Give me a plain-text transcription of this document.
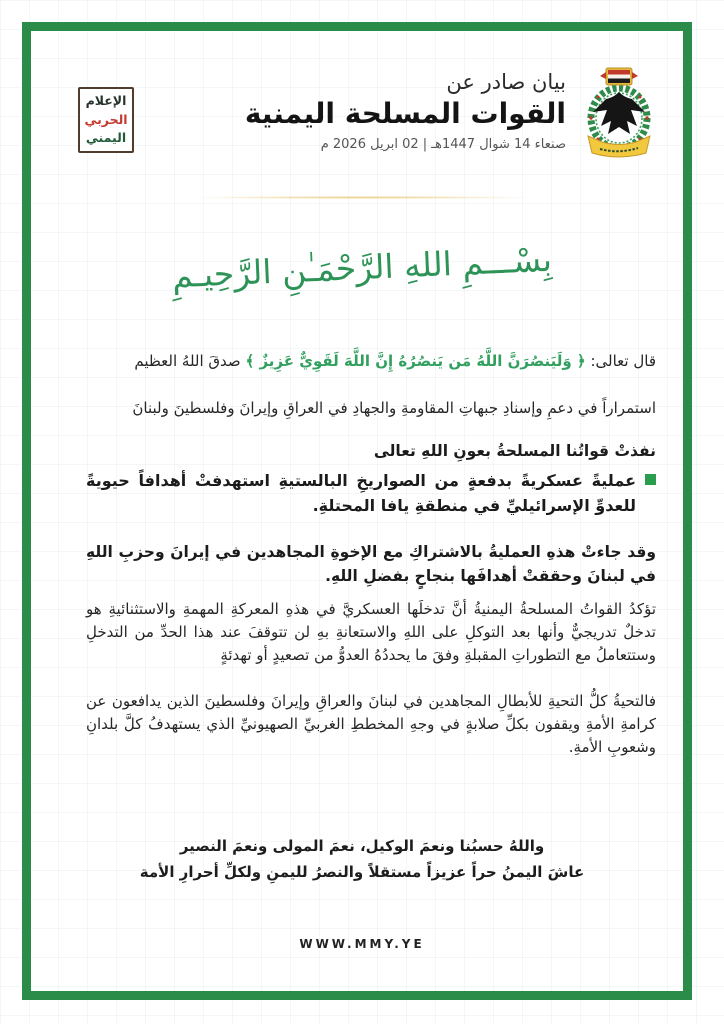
الإعلام
الحربي
اليمني
بيان صادر عن
القوات المسلحة اليمنية
صنعاء 14 شوال 1447هـ | 02 ابريل 2026 م
بِسْـــمِ اللهِ الرَّحْمَـٰنِ الرَّحِيـمِ
قال تعالى: ﴿ وَلَيَنصُرَنَّ اللَّهُ مَن يَنصُرُهُ إِنَّ اللَّهَ لَقَوِيٌّ عَزِيزٌ ﴾ صدقَ اللهُ العظيم
استمراراً في دعمِ وإسنادِ جبهاتِ المقاومةِ والجهادِ في العراقِ وإيرانَ وفلسطينَ ولبنانَ
نفذتْ قواتُنا المسلحةُ بعونِ اللهِ تعالى
عمليةً عسكريةً بدفعةٍ من الصواريخِ البالستيةِ استهدفتْ أهدافاً حيويةً للعدوِّ الإسرائيليِّ في منطقةِ يافا المحتلةِ.
وقد جاءتْ هذهِ العمليةُ بالاشتراكِ مع الإخوةِ المجاهدين في إيرانَ وحزبِ اللهِ في لبنانَ وحققتْ أهدافَها بنجاحٍ بفضلِ اللهِ.
تؤكدُ القواتُ المسلحةُ اليمنيةُ أنَّ تدخلَها العسكريَّ في هذهِ المعركةِ المهمةِ والاستثنائيةِ هو تدخلٌ تدريجيٌّ وأنها بعد التوكلِ على اللهِ والاستعانةِ بهِ لن تتوقفَ عند هذا الحدِّ من التدخلِ وستتعاملُ مع التطوراتِ المقبلةِ وفقَ ما يحددُهُ العدوُّ من تصعيدٍ أو تهدئةٍ
فالتحيةُ كلُّ التحيةِ للأبطالِ المجاهدين في لبنانَ والعراقِ وإيرانَ وفلسطينَ الذين يدافعون عن كرامةِ الأمةِ ويقفون بكلِّ صلابةٍ في وجهِ المخططِ الغربيِّ الصهيونيِّ الذي يستهدفُ كلَّ بلدانِ وشعوبِ الأمةِ.
واللهُ حسبُنا ونعمَ الوكيل، نعمَ المولى ونعمَ النصير
عاشَ اليمنُ حراً عزيزاً مستقلاً والنصرُ لليمنِ ولكلِّ أحرارِ الأمة
WWW.MMY.YE
